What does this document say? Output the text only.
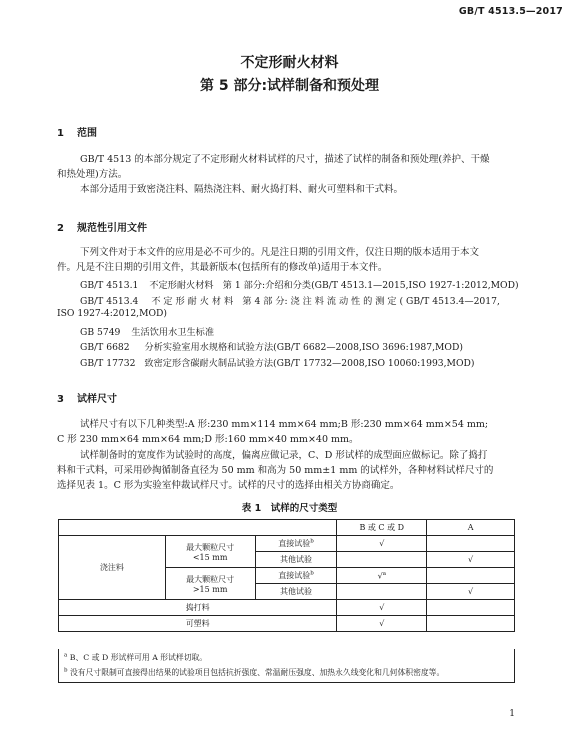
GB/T 4513.5—2017
不定形耐火材料
第 5 部分:试样制备和预处理
1 范围
GB/T 4513 的本部分规定了不定形耐火材料试样的尺寸，描述了试样的制备和预处理(养护、干燥
和热处理)方法。
本部分适用于致密浇注料、隔热浇注料、耐火捣打料、耐火可塑料和干式料。
2 规范性引用文件
下列文件对于本文件的应用是必不可少的。凡是注日期的引用文件，仅注日期的版本适用于本文
件。凡是不注日期的引用文件，其最新版本(包括所有的修改单)适用于本文件。
GB/T 4513.1 不定形耐火材料　第 1 部分:介绍和分类(GB/T 4513.1—2015,ISO 1927-1:2012,MOD)
GB/T 4513.4 不 定 形 耐 火 材 料　第 4 部 分: 浇 注 料 流 动 性 的 测 定 ( GB/T 4513.4—2017,
ISO 1927-4:2012,MOD)
GB 5749 生活饮用水卫生标准
GB/T 6682 分析实验室用水规格和试验方法(GB/T 6682—2008,ISO 3696:1987,MOD)
GB/T 17732 致密定形含碳耐火制品试验方法(GB/T 17732—2008,ISO 10060:1993,MOD)
3 试样尺寸
试样尺寸有以下几种类型:A 形:230 mm×114 mm×64 mm;B 形:230 mm×64 mm×54 mm;
C 形 230 mm×64 mm×64 mm;D 形:160 mm×40 mm×40 mm。
试样制备时的宽度作为试验时的高度，偏离应做记录，C、D 形试样的成型面应做标记。除了捣打
料和干式料，可采用砂掏循制备直径为 50 mm 和高为 50 mm±1 mm 的试样外，各种材料试样尺寸的
选择见表 1。C 形为实验室仲裁试样尺寸。试样的尺寸的选择由相关方协商确定。
表 1　试样的尺寸类型
			B 或 C 或 D	A
浇注料	最大颗粒尺寸
<15 mm	直接试验$^b$	√	
		其他试验		√

	最大颗粒尺寸
>15 mm	直接试验$^b$	√$^a$	
		其他试验		√
捣打料			√	
可塑料			√	
$^a$ B、C 或 D 形试样可用 A 形试样切取。
$^b$ 没有尺寸限制可直接得出结果的试验项目包括抗折强度、常温耐压强度、加热永久线变化和几何体积密度等。
1
